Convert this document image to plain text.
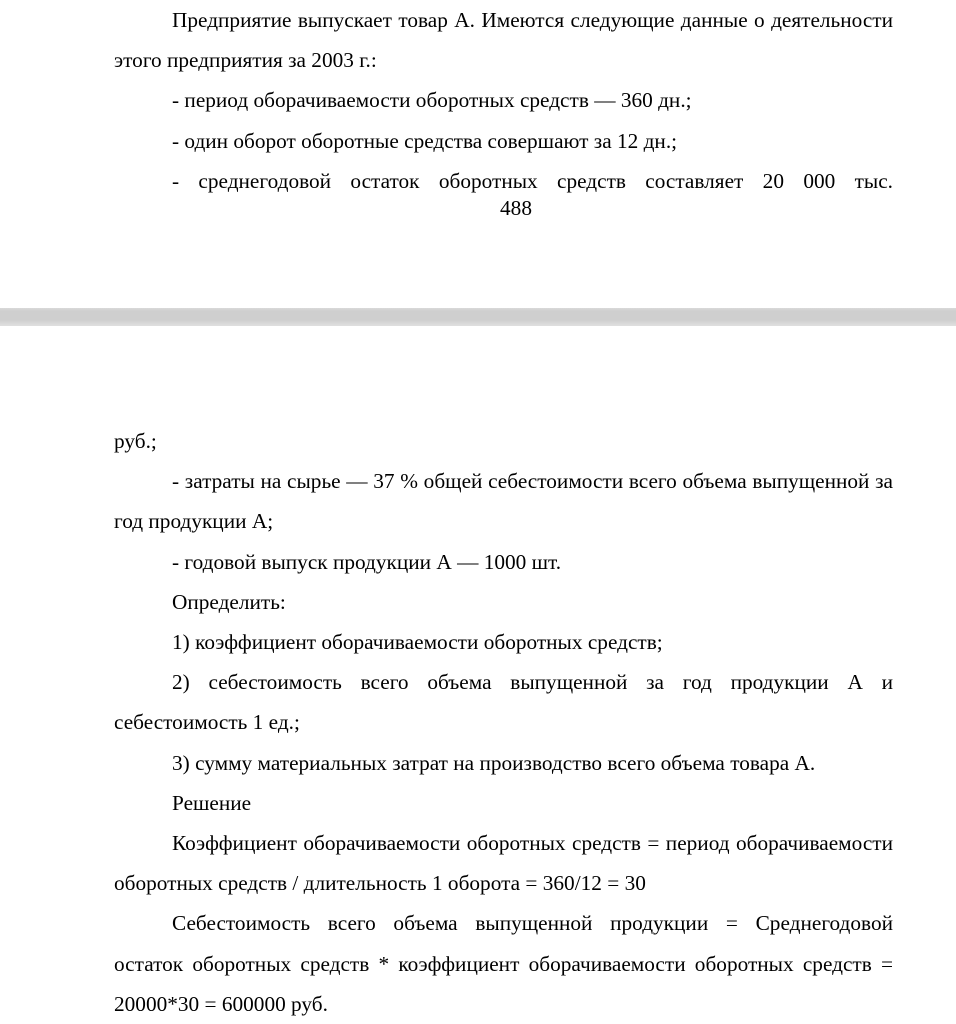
Предприятие выпускает товар А. Имеются следующие данные о деятельности этого предприятия за 2003 г.:

- период оборачиваемости оборотных средств — 360 дн.;

- один оборот оборотные средства совершают за 12 дн.;

- среднегодовой остаток оборотных средств составляет 20 000 тыс.

488

руб.;

- затраты на сырье — 37 % общей себестоимости всего объема выпущенной за год продукции А;

- годовой выпуск продукции А — 1000 шт.

Определить:

1) коэффициент оборачиваемости оборотных средств;

2) себестоимость всего объема выпущенной за год продукции А и себестоимость 1 ед.;

3) сумму материальных затрат на производство всего объема товара А.

Решение

Коэффициент оборачиваемости оборотных средств = период оборачиваемости оборотных средств / длительность 1 оборота = 360/12 = 30

Себестоимость всего объема выпущенной продукции = Среднегодовой остаток оборотных средств * коэффициент оборачиваемости оборотных средств = 20000*30 = 600000 руб.
